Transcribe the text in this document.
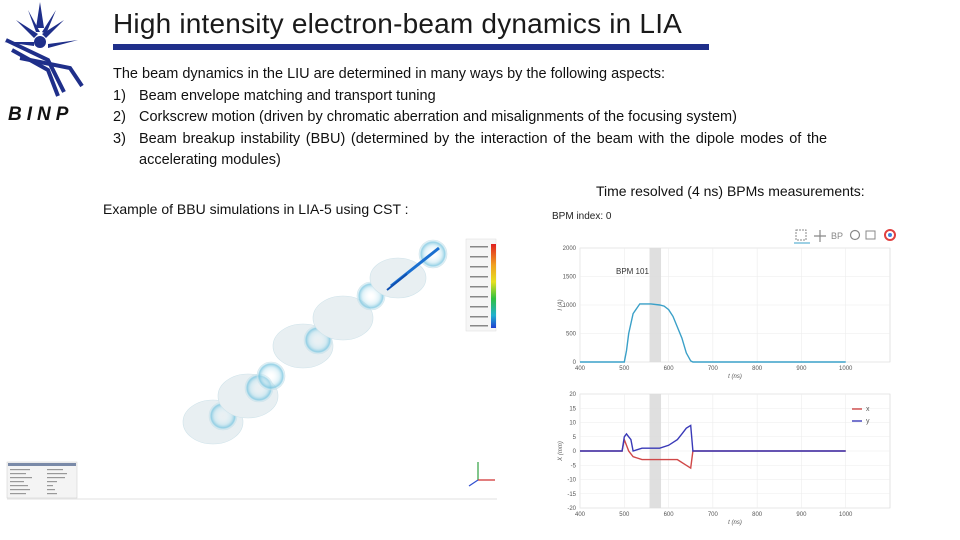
BINP
High intensity electron-beam dynamics in LIA
The beam dynamics in the LIU are determined in many ways by the following aspects:
1) Beam envelope matching and transport tuning
2) Corkscrew motion (driven by chromatic aberration and misalignments of the focusing system)
3) Beam breakup instability (BBU) (determined by the interaction of the beam with the dipole modes of the
accelerating modules)
Example of BBU simulations in LIA-5 using CST :
Time resolved (4 ns) BPMs measurements:
BPM index: 0
BP
0
500
1000
1500
2000
400	500	600	700	800	900	1000
t (ns)
I (A)
BPM 101
-20
-15
-10
-5
0
5
10
15
20
400	500	600	700	800	900	1000
t (ns)
X (mm)
x
y
